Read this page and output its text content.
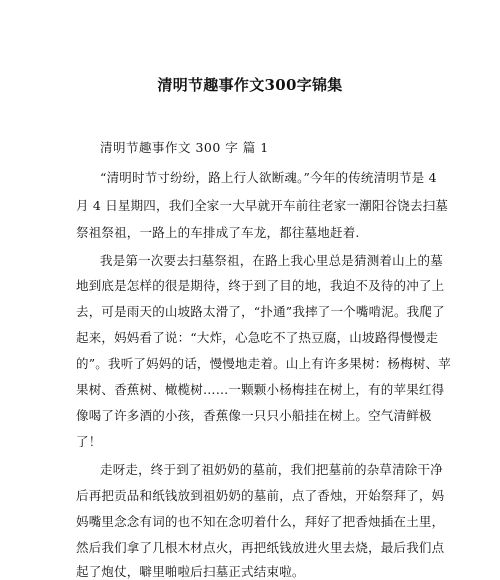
清明节趣事作文300字锦集
清明节趣事作文 300 字 篇 1
“清明时节寸纷纷，路上行人欲断魂。”今年的传统清明节是 4
月 4 日星期四，我们全家一大早就开车前往老家一潮阳谷饶去扫墓
祭祖祭祖，一路上的车排成了车龙，都往墓地赶着.
我是第一次要去扫墓祭祖，在路上我心里总是猜测着山上的墓
地到底是怎样的很是期待，终于到了目的地，我迫不及待的冲了上
去，可是雨天的山坡路太滑了，“扑通”我摔了一个嘴啃泥。我爬了
起来，妈妈看了说：“大炸，心急吃不了热豆腐，山坡路得慢慢走
的”。我听了妈妈的话，慢慢地走着。山上有许多果树：杨梅树、苹
果树、香蕉树、橄榄树……一颗颗小杨梅挂在树上，有的苹果红得
像喝了许多酒的小孩，香蕉像一只只小船挂在树上。空气清鲜极
了！
走呀走，终于到了祖奶奶的墓前，我们把墓前的杂草清除干净
后再把贡品和纸钱放到祖奶奶的墓前，点了香烛，开始祭拜了，妈
妈嘴里念念有词的也不知在念叨着什么，拜好了把香烛插在土里，
然后我们拿了几根木材点火，再把纸钱放进火里去烧，最后我们点
起了炮仗，噼里啪啦后扫墓正式结束啦。
